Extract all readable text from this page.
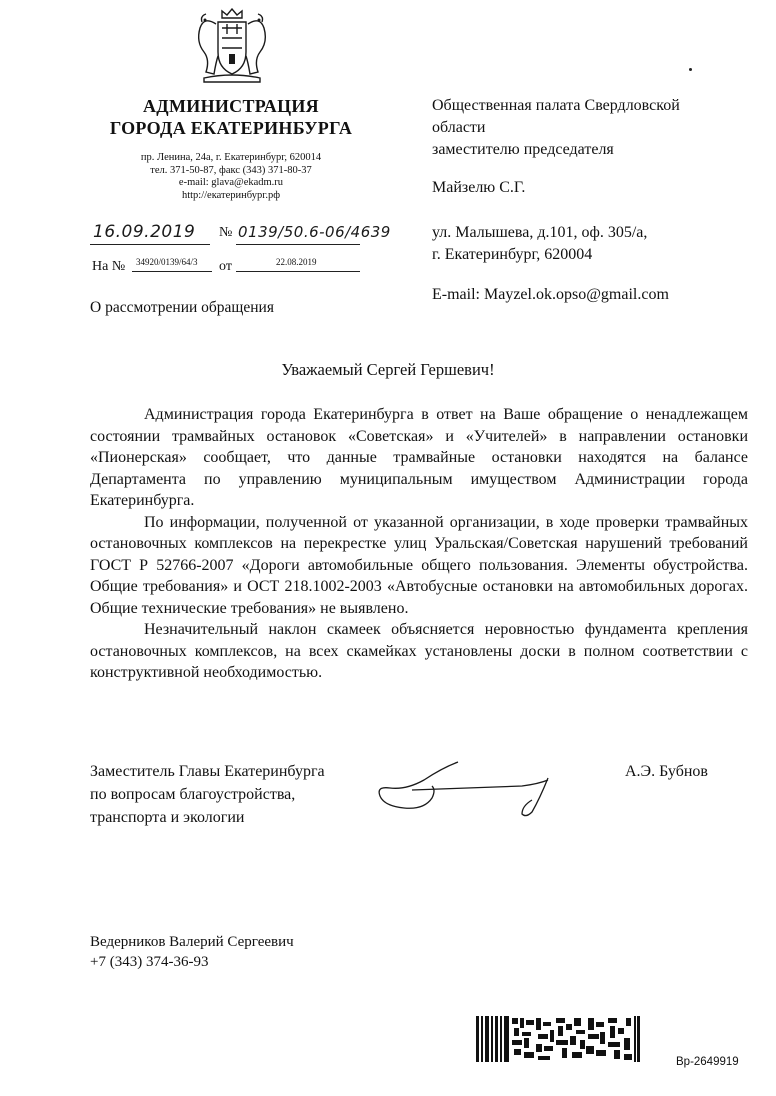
АДМИНИСТРАЦИЯ
ГОРОДА ЕКАТЕРИНБУРГА
пр. Ленина, 24а, г. Екатеринбург, 620014
тел. 371-50-87, факс (343) 371-80-37
e-mail: glava@ekadm.ru
http://екатеринбург.рф
16.09.2019 № 0139/50.6-06/4639
На № 34920/0139/64/3 от	22.08.2019
О рассмотрении обращения
Общественная палата Свердловской
области
заместителю председателя
Майзелю С.Г.
ул. Малышева, д.101, оф. 305/а,
г. Екатеринбург, 620004
E-mail: Mayzel.ok.opso@gmail.com
Уважаемый Сергей Гершевич!

Администрация города Екатеринбурга в ответ на Ваше обращение о ненадлежащем состоянии трамвайных остановок «Советская» и «Учителей» в направлении остановки «Пионерская» сообщает, что данные трамвайные остановки находятся на балансе Департамента по управлению муниципальным имуществом Администрации города Екатеринбурга.

По информации, полученной от указанной организации, в ходе проверки трамвайных остановочных комплексов на перекрестке улиц Уральская/Советская нарушений требований ГОСТ Р 52766-2007 «Дороги автомобильные общего пользования. Элементы обустройства. Общие требования» и ОСТ 218.1002-2003 «Автобусные остановки на автомобильных дорогах. Общие технические требования» не выявлено.

Незначительный наклон скамеек объясняется неровностью фундамента крепления остановочных комплексов, на всех скамейках установлены доски в полном соответствии с конструктивной необходимостью.

Заместитель Главы Екатеринбурга
по вопросам благоустройства,
транспорта и экологии
А.Э. Бубнов
Ведерников Валерий Сергеевич
+7 (343) 374-36-93
Вр-2649919
